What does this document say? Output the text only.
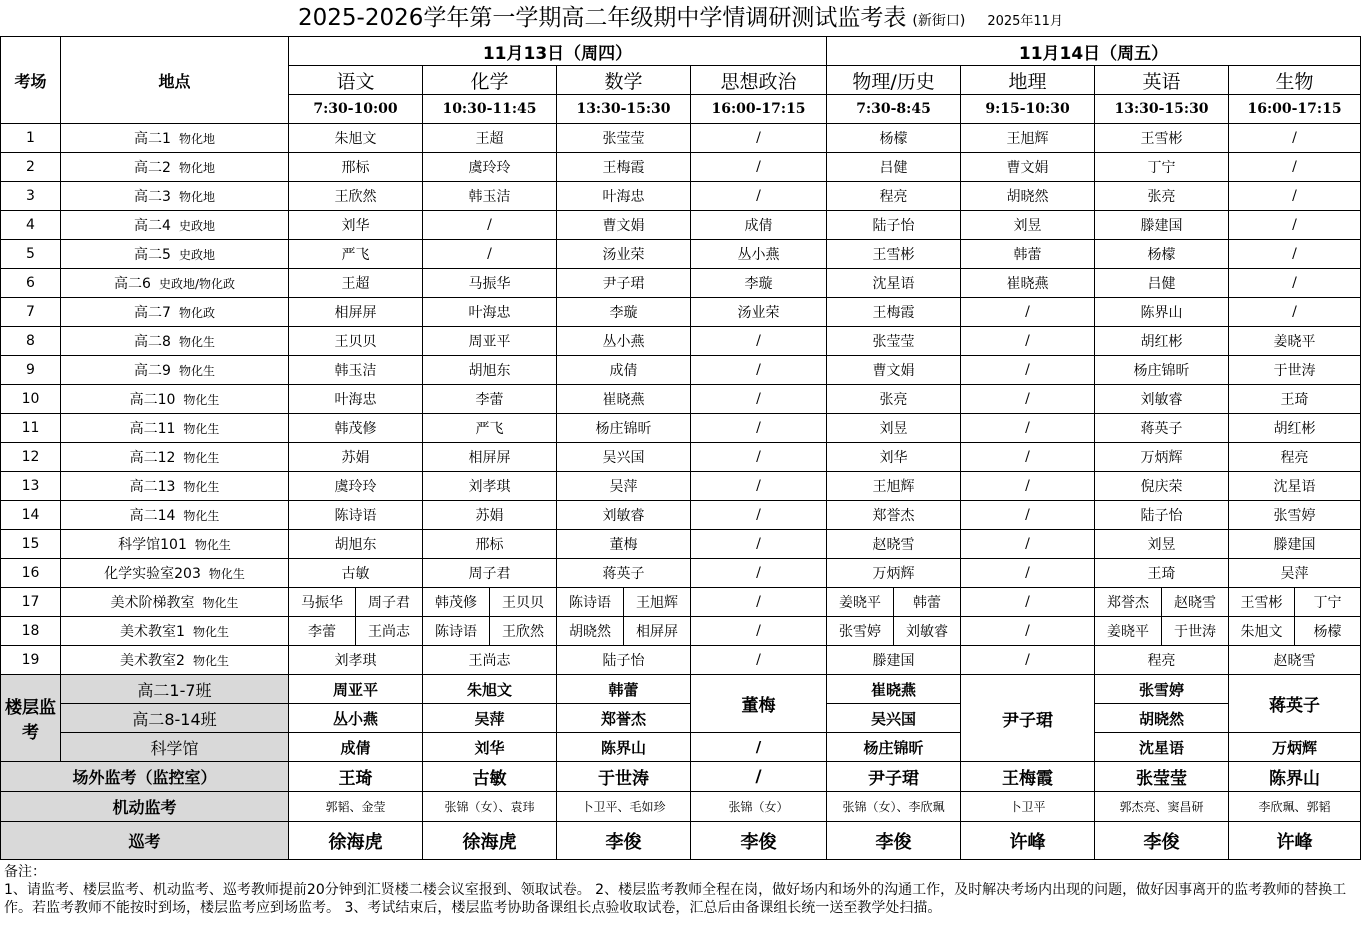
2025-2026学年第一学期高二年级期中学情调研测试监考表 (新街口) 2025年11月
考场	地点	11月13日（周四）				11月14日（周五）			
		语文	化学	数学	思想政治	物理/历史	地理	英语	生物
		7:30-10:00	10:30-11:45	13:30-15:30	16:00-17:15	7:30-8:45	9:15-10:30	13:30-15:30	16:00-17:15
1	高二1 物化地	朱旭文	王超	张莹莹	/	杨檬	王旭辉	王雪彬	/
2	高二2 物化地	邢标	虞玲玲	王梅霞	/	吕健	曹文娟	丁宁	/
3	高二3 物化地	王欣然	韩玉洁	叶海忠	/	程亮	胡晓然	张亮	/
4	高二4 史政地	刘华	/	曹文娟	成倩	陆子怡	刘昱	滕建国	/
5	高二5 史政地	严飞	/	汤业荣	丛小燕	王雪彬	韩蕾	杨檬	/
6	高二6 史政地/物化政	王超	马振华	尹子珺	李璇	沈星语	崔晓燕	吕健	/
7	高二7 物化政	相屏屏	叶海忠	李璇	汤业荣	王梅霞	/	陈界山	/
8	高二8 物化生	王贝贝	周亚平	丛小燕	/	张莹莹	/	胡红彬	姜晓平
9	高二9 物化生	韩玉洁	胡旭东	成倩	/	曹文娟	/	杨庄锦昕	于世涛
10	高二10 物化生	叶海忠	李蕾	崔晓燕	/	张亮	/	刘敏睿	王琦
11	高二11 物化生	韩茂修	严飞	杨庄锦昕	/	刘昱	/	蒋英子	胡红彬
12	高二12 物化生	苏娟	相屏屏	吴兴国	/	刘华	/	万炳辉	程亮
13	高二13 物化生	虞玲玲	刘孝琪	吴萍	/	王旭辉	/	倪庆荣	沈星语
14	高二14 物化生	陈诗语	苏娟	刘敏睿	/	郑誉杰	/	陆子怡	张雪婷
15	科学馆101 物化生	胡旭东	邢标	董梅	/	赵晓雪	/	刘昱	滕建国
16	化学实验室203 物化生	古敏	周子君	蒋英子	/	万炳辉	/	王琦	吴萍
17	美术阶梯教室 物化生	马振华 周子君	韩茂修 王贝贝	陈诗语 王旭辉	/	姜晓平 韩蕾	/	郑誉杰 赵晓雪	王雪彬 丁宁

18	美术教室1 物化生	李蕾 王尚志	陈诗语 王欣然	胡晓然 相屏屏	/	张雪婷 刘敏睿	/	姜晓平 于世涛	朱旭文 杨檬

19	美术教室2 物化生	刘孝琪	王尚志	陆子怡	/	滕建国	/	程亮	赵晓雪
楼层监考	高二1-7班	周亚平	朱旭文	韩蕾	董梅	崔晓燕	尹子珺	张雪婷	蒋英子
	高二8-14班	丛小燕	吴萍	郑誉杰		吴兴国		胡晓然	
	科学馆	成倩	刘华	陈界山	/	杨庄锦昕		沈星语	万炳辉
场外监考（监控室）		王琦	古敏	于世涛	/	尹子珺	王梅霞	张莹莹	陈界山
机动监考		郭韬、金莹	张锦（女）、袁玮	卜卫平、毛如珍	张锦（女）	张锦（女）、李欣珮	卜卫平	郭杰亮、窦昌研	李欣珮、郭韬
巡考		徐海虎	徐海虎	李俊	李俊	李俊	许峰	李俊	许峰
备注：
1、请监考、楼层监考、机动监考、巡考教师提前20分钟到汇贤楼二楼会议室报到、领取试卷。 2、楼层监考教师全程在岗，做好场内和场外的沟通工作，及时解决考场内出现的问题，做好因事离开的监考教师的替换工作。若监考教师不能按时到场，楼层监考应到场监考。 3、考试结束后，楼层监考协助备课组长点验收取试卷，汇总后由备课组长统一送至教学处扫描。
